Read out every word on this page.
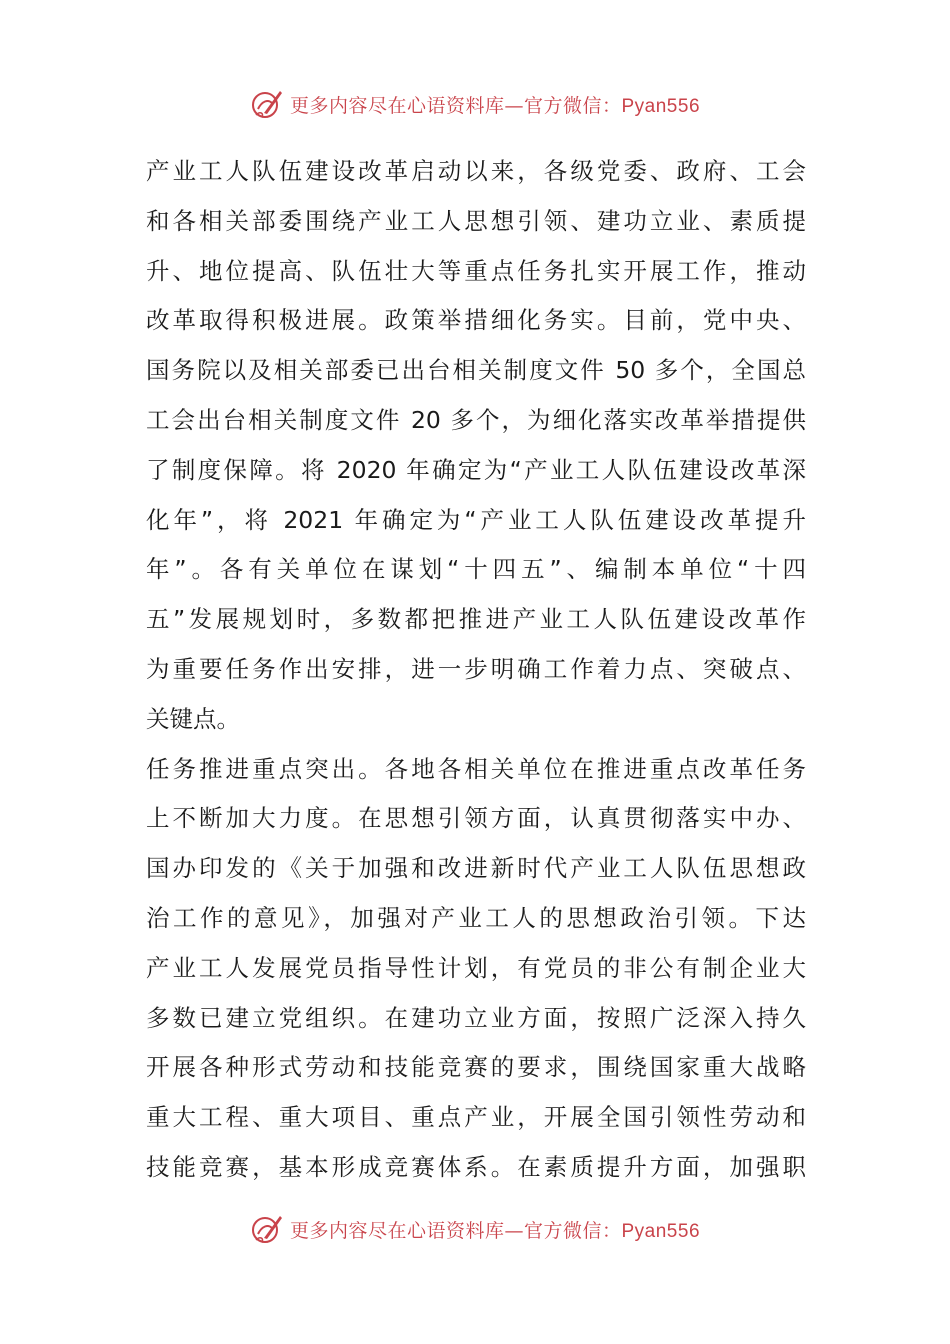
更多内容尽在心语资料库—官方微信：Pyan556
产业工人队伍建设改革启动以来，各级党委、政府、工会
和各相关部委围绕产业工人思想引领、建功立业、素质提
升、地位提高、队伍壮大等重点任务扎实开展工作，推动
改革取得积极进展。政策举措细化务实。目前，党中央、
国务院以及相关部委已出台相关制度文件 50 多个，全国总
工会出台相关制度文件 20 多个，为细化落实改革举措提供
了制度保障。将 2020 年确定为“产业工人队伍建设改革深
化年”，将 2021 年确定为“产业工人队伍建设改革提升
年”。各有关单位在谋划“十四五”、编制本单位“十四
五”发展规划时，多数都把推进产业工人队伍建设改革作
为重要任务作出安排，进一步明确工作着力点、突破点、
关键点。
任务推进重点突出。各地各相关单位在推进重点改革任务
上不断加大力度。在思想引领方面，认真贯彻落实中办、
国办印发的《关于加强和改进新时代产业工人队伍思想政
治工作的意见》，加强对产业工人的思想政治引领。下达
产业工人发展党员指导性计划，有党员的非公有制企业大
多数已建立党组织。在建功立业方面，按照广泛深入持久
开展各种形式劳动和技能竞赛的要求，围绕国家重大战略
重大工程、重大项目、重点产业，开展全国引领性劳动和
技能竞赛，基本形成竞赛体系。在素质提升方面，加强职
更多内容尽在心语资料库—官方微信：Pyan556
